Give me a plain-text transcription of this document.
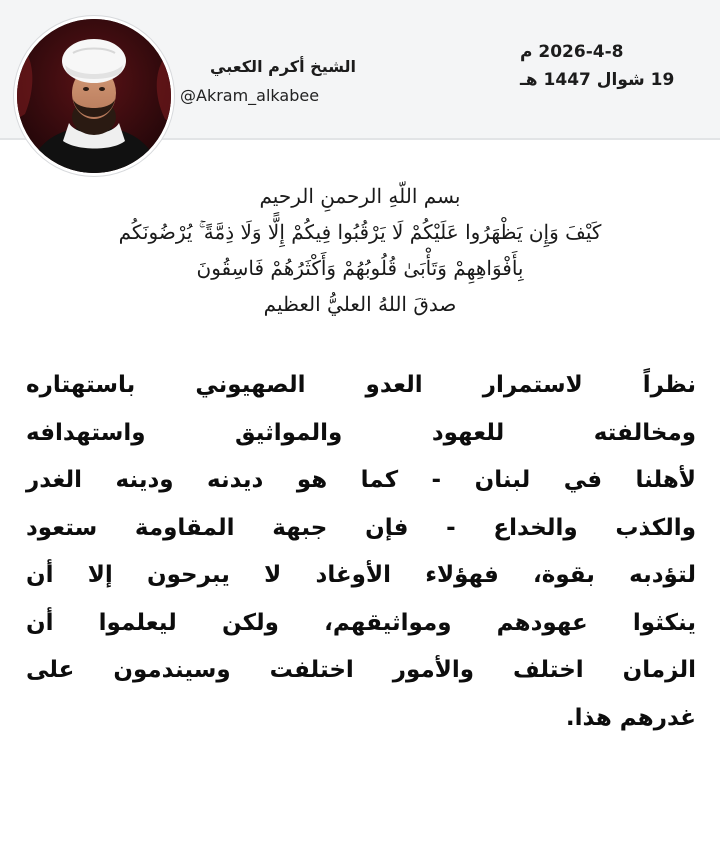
2026-4-8 م
19 شوال 1447 هـ
الشيخ أكرم الكعبي
@Akram_alkabee
بسم اللّهِ الرحمنِ الرحيم
كَيْفَ وَإِن يَظْهَرُوا عَلَيْكُمْ لَا يَرْقُبُوا فِيكُمْ إِلًّا وَلَا ذِمَّةً ۚ يُرْضُونَكُم
بِأَفْوَاهِهِمْ وَتَأْبَىٰ قُلُوبُهُمْ وَأَكْثَرُهُمْ فَاسِقُونَ
صدقَ اللهُ العليُّ العظيم
نظراً لاستمرار العدو الصهيوني باستهتاره
ومخالفته للعهود والمواثيق واستهدافه
لأهلنا في لبنان - كما هو ديدنه ودينه الغدر
والكذب والخداع - فإن جبهة المقاومة ستعود
لتؤدبه بقوة، فهؤلاء الأوغاد لا يبرحون إلا أن
ينكثوا عهودهم ومواثيقهم، ولكن ليعلموا أن
الزمان اختلف والأمور اختلفت وسيندمون على
غدرهم هذا.
